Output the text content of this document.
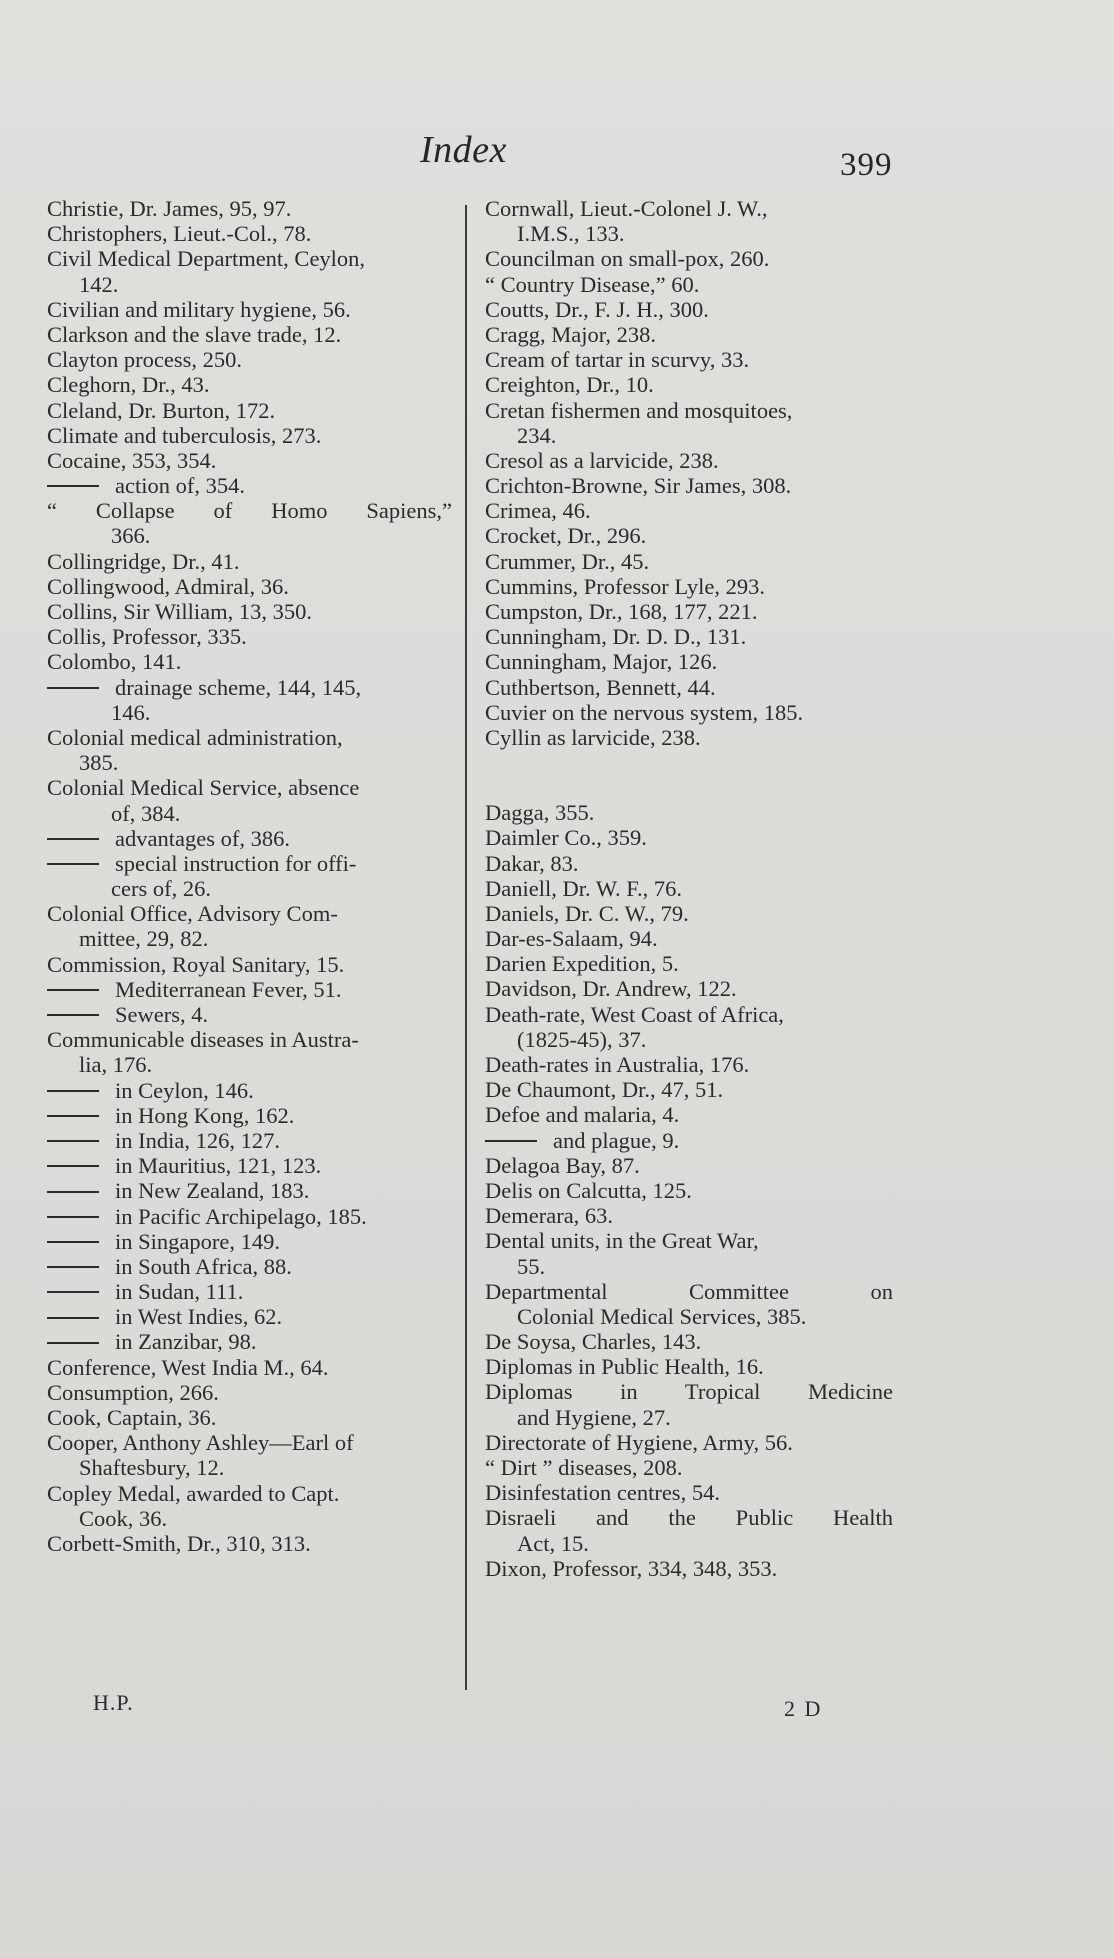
Index	399
Christie, Dr. James, 95, 97.
Christophers, Lieut.-Col., 78.
Civil Medical Department, Ceylon,
142.
Civilian and military hygiene, 56.
Clarkson and the slave trade, 12.
Clayton process, 250.
Cleghorn, Dr., 43.
Cleland, Dr. Burton, 172.
Climate and tuberculosis, 273.
Cocaine, 353, 354.
action of, 354.
“ Collapse of Homo Sapiens,”
366.
Collingridge, Dr., 41.
Collingwood, Admiral, 36.
Collins, Sir William, 13, 350.
Collis, Professor, 335.
Colombo, 141.
drainage scheme, 144, 145,
146.
Colonial medical administration,
385.
Colonial Medical Service, absence
of, 384.
advantages of, 386.
special instruction for offi-
cers of, 26.
Colonial Office, Advisory Com-
mittee, 29, 82.
Commission, Royal Sanitary, 15.
Mediterranean Fever, 51.
Sewers, 4.
Communicable diseases in Austra-
lia, 176.
in Ceylon, 146.
in Hong Kong, 162.
in India, 126, 127.
in Mauritius, 121, 123.
in New Zealand, 183.
in Pacific Archipelago, 185.
in Singapore, 149.
in South Africa, 88.
in Sudan, 111.
in West Indies, 62.
in Zanzibar, 98.
Conference, West India M., 64.
Consumption, 266.
Cook, Captain, 36.
Cooper, Anthony Ashley—Earl of
Shaftesbury, 12.
Copley Medal, awarded to Capt.
Cook, 36.
Corbett-Smith, Dr., 310, 313.
Cornwall, Lieut.-Colonel J. W.,
I.M.S., 133.
Councilman on small-pox, 260.
“ Country Disease,” 60.
Coutts, Dr., F. J. H., 300.
Cragg, Major, 238.
Cream of tartar in scurvy, 33.
Creighton, Dr., 10.
Cretan fishermen and mosquitoes,
234.
Cresol as a larvicide, 238.
Crichton-Browne, Sir James, 308.
Crimea, 46.
Crocket, Dr., 296.
Crummer, Dr., 45.
Cummins, Professor Lyle, 293.
Cumpston, Dr., 168, 177, 221.
Cunningham, Dr. D. D., 131.
Cunningham, Major, 126.
Cuthbertson, Bennett, 44.
Cuvier on the nervous system, 185.
Cyllin as larvicide, 238.
Dagga, 355.
Daimler Co., 359.
Dakar, 83.
Daniell, Dr. W. F., 76.
Daniels, Dr. C. W., 79.
Dar-es-Salaam, 94.
Darien Expedition, 5.
Davidson, Dr. Andrew, 122.
Death-rate, West Coast of Africa,
(1825-45), 37.
Death-rates in Australia, 176.
De Chaumont, Dr., 47, 51.
Defoe and malaria, 4.
and plague, 9.
Delagoa Bay, 87.
Delis on Calcutta, 125.
Demerara, 63.
Dental units, in the Great War,
55.
Departmental Committee on
Colonial Medical Services, 385.
De Soysa, Charles, 143.
Diplomas in Public Health, 16.
Diplomas in Tropical Medicine
and Hygiene, 27.
Directorate of Hygiene, Army, 56.
“ Dirt ” diseases, 208.
Disinfestation centres, 54.
Disraeli and the Public Health
Act, 15.
Dixon, Professor, 334, 348, 353.
H.P.	2 D
